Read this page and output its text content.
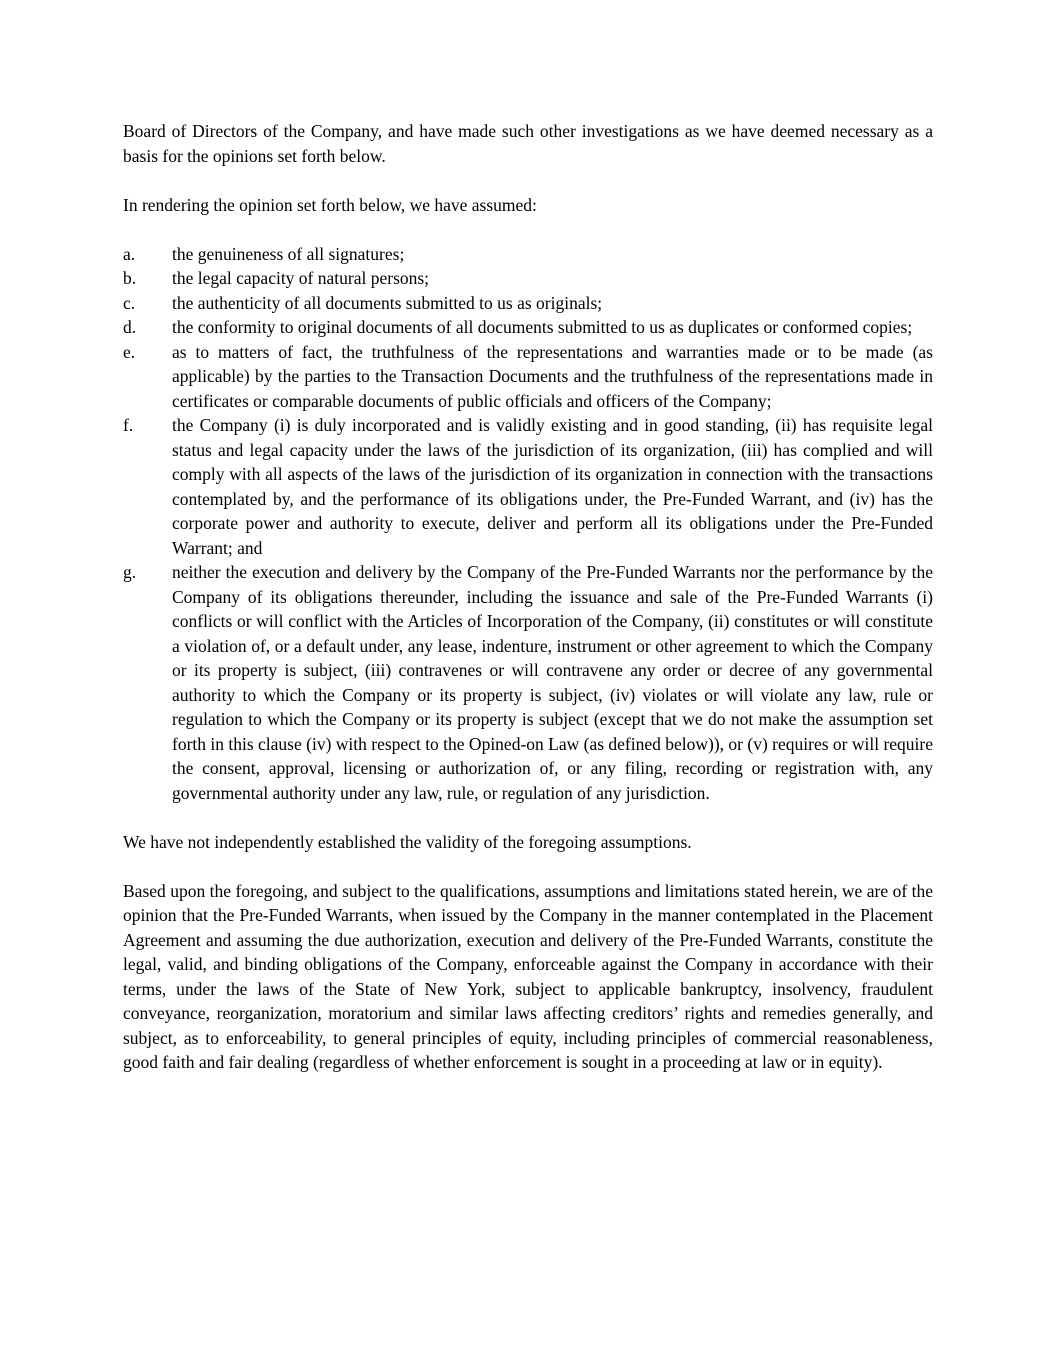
Board of Directors of the Company, and have made such other investigations as we have deemed necessary as a basis for the opinions set forth below.

In rendering the opinion set forth below, we have assumed:

a.	the genuineness of all signatures;
b.	the legal capacity of natural persons;
c.	the authenticity of all documents submitted to us as originals;
d.	the conformity to original documents of all documents submitted to us as duplicates or conformed copies;
e.	as to matters of fact, the truthfulness of the representations and warranties made or to be made (as applicable) by the parties to the Transaction Documents and the truthfulness of the representations made in certificates or comparable documents of public officials and officers of the Company;
f.	the Company (i) is duly incorporated and is validly existing and in good standing, (ii) has requisite legal status and legal capacity under the laws of the jurisdiction of its organization, (iii) has complied and will comply with all aspects of the laws of the jurisdiction of its organization in connection with the transactions contemplated by, and the performance of its obligations under, the Pre-Funded Warrant, and (iv) has the corporate power and authority to execute, deliver and perform all its obligations under the Pre-Funded Warrant; and
g.	neither the execution and delivery by the Company of the Pre-Funded Warrants nor the performance by the Company of its obligations thereunder, including the issuance and sale of the Pre-Funded Warrants (i) conflicts or will conflict with the Articles of Incorporation of the Company, (ii) constitutes or will constitute a violation of, or a default under, any lease, indenture, instrument or other agreement to which the Company or its property is subject, (iii) contravenes or will contravene any order or decree of any governmental authority to which the Company or its property is subject, (iv) violates or will violate any law, rule or regulation to which the Company or its property is subject (except that we do not make the assumption set forth in this clause (iv) with respect to the Opined-on Law (as defined below)), or (v) requires or will require the consent, approval, licensing or authorization of, or any filing, recording or registration with, any governmental authority under any law, rule, or regulation of any jurisdiction.

We have not independently established the validity of the foregoing assumptions.

Based upon the foregoing, and subject to the qualifications, assumptions and limitations stated herein, we are of the opinion that the Pre-Funded Warrants, when issued by the Company in the manner contemplated in the Placement Agreement and assuming the due authorization, execution and delivery of the Pre-Funded Warrants, constitute the legal, valid, and binding obligations of the Company, enforceable against the Company in accordance with their terms, under the laws of the State of New York, subject to applicable bankruptcy, insolvency, fraudulent conveyance, reorganization, moratorium and similar laws affecting creditors’ rights and remedies generally, and subject, as to enforceability, to general principles of equity, including principles of commercial reasonableness, good faith and fair dealing (regardless of whether enforcement is sought in a proceeding at law or in equity).
